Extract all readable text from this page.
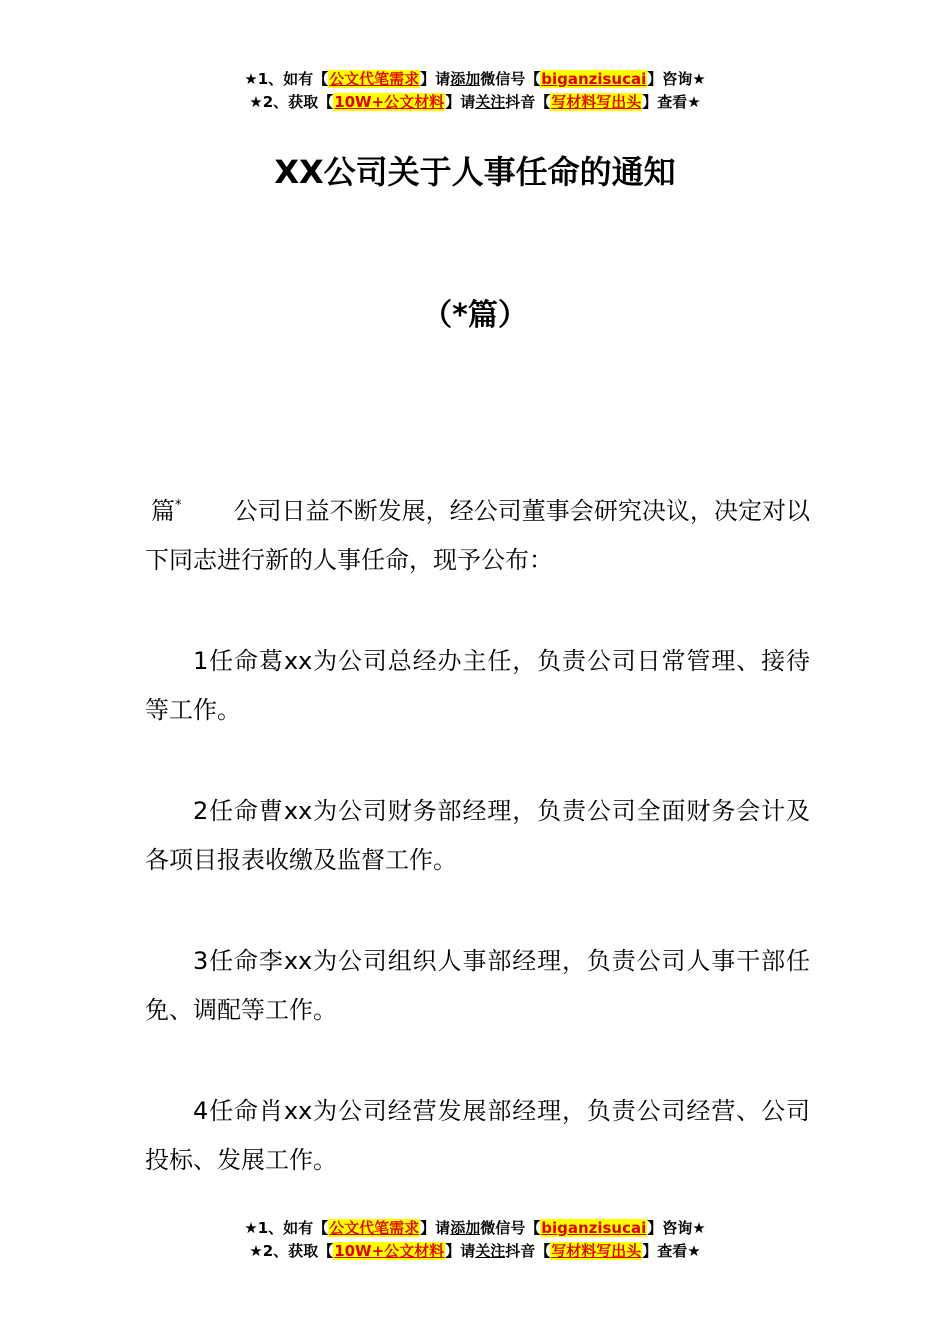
★1、如有【公文代笔需求】请添加微信号【biganzisucai】咨询★
★2、获取【10W+公文材料】请关注抖音【写材料写出头】查看★
XX公司关于人事任命的通知
（*篇）

篇* 公司日益不断发展，经公司董事会研究决议，决定对以下同志进行新的人事任命，现予公布：

1任命葛xx为公司总经办主任，负责公司日常管理、接待等工作。

2任命曹xx为公司财务部经理，负责公司全面财务会计及各项目报表收缴及监督工作。

3任命李xx为公司组织人事部经理，负责公司人事干部任免、调配等工作。

4任命肖xx为公司经营发展部经理，负责公司经营、公司投标、发展工作。

★1、如有【公文代笔需求】请添加微信号【biganzisucai】咨询★
★2、获取【10W+公文材料】请关注抖音【写材料写出头】查看★
